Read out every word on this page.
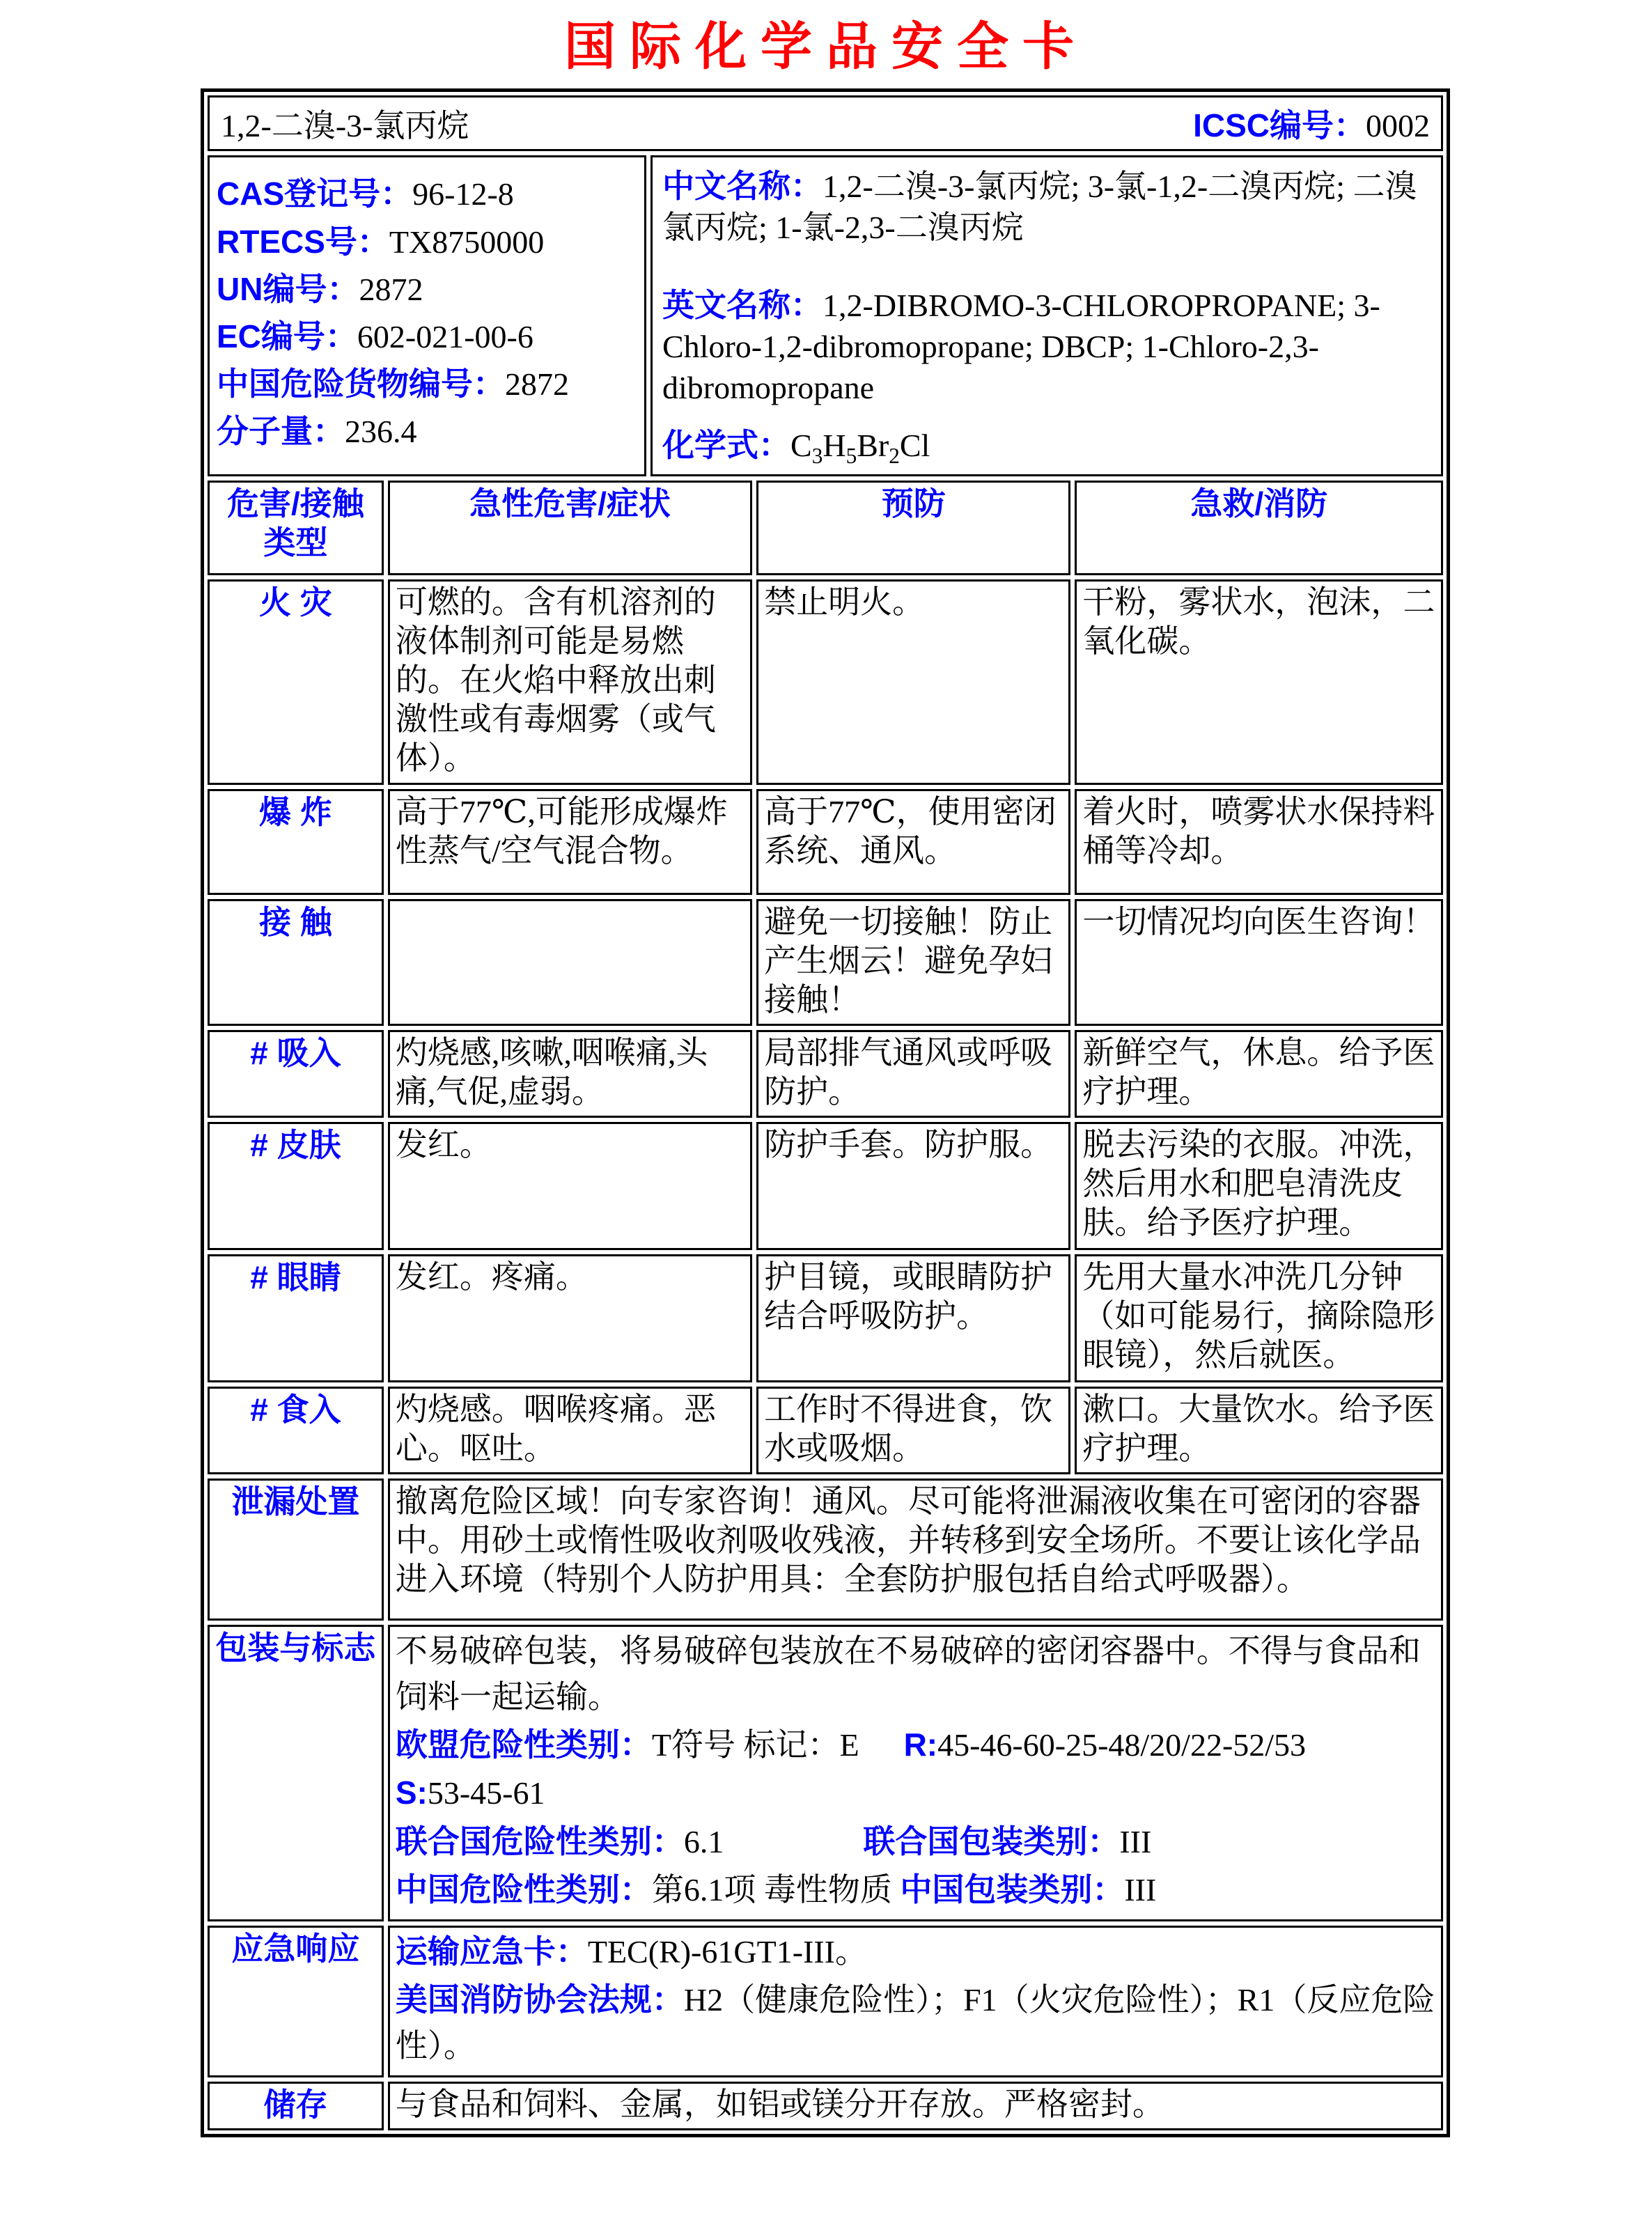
国际化学品安全卡
1,2-二溴-3-氯丙烷	ICSC编号：0002
CAS登记号：96-12-8
RTECS号：TX8750000
UN编号：2872
EC编号：602-021-00-6
中国危险货物编号：2872
分子量：236.4

中文名称：1,2-二溴-3-氯丙烷; 3-氯-1,2-二溴丙烷; 二溴氯丙烷; 1-氯-2,3-二溴丙烷

英文名称：1,2-DIBROMO-3-CHLOROPROPANE; 3-Chloro-1,2-dibromopropane; DBCP; 1-Chloro-2,3-dibromopropane

化学式：$C_3H_5Br_2Cl$

危害/接触
类型	急性危害/症状	预防	急救/消防
火 灾	可燃的。含有机溶剂的液体制剂可能是易燃的。在火焰中释放出刺激性或有毒烟雾（或气体）。	禁止明火。	干粉，雾状水，泡沫，二氧化碳。
爆 炸	高于77℃,可能形成爆炸性蒸气/空气混合物。	高于77℃，使用密闭系统、通风。	着火时，喷雾状水保持料桶等冷却。
接 触		避免一切接触！防止产生烟云！避免孕妇接触！	一切情况均向医生咨询！
# 吸入	灼烧感,咳嗽,咽喉痛,头痛,气促,虚弱。	局部排气通风或呼吸防护。	新鲜空气，休息。给予医疗护理。
# 皮肤	发红。	防护手套。防护服。	脱去污染的衣服。冲洗，然后用水和肥皂清洗皮肤。给予医疗护理。
# 眼睛	发红。疼痛。	护目镜，或眼睛防护结合呼吸防护。	先用大量水冲洗几分钟（如可能易行，摘除隐形眼镜），然后就医。
# 食入	灼烧感。咽喉疼痛。恶心。呕吐。	工作时不得进食，饮水或吸烟。	漱口。大量饮水。给予医疗护理。
泄漏处置	撤离危险区域！向专家咨询！通风。尽可能将泄漏液收集在可密闭的容器中。用砂土或惰性吸收剂吸收残液，并转移到安全场所。不要让该化学品进入环境（特别个人防护用具：全套防护服包括自给式呼吸器）。		
包装与标志	不易破碎包装，将易破碎包装放在不易破碎的密闭容器中。不得与食品和饲料一起运输。
欧盟危险性类别：T符号 标记：E R:45-46-60-25-48/20/22-52/53
S:53-45-61
联合国危险性类别：6.1 联合国包装类别：III
中国危险性类别：第6.1项 毒性物质 中国包装类别：III		

应急响应	运输应急卡：TEC(R)-61GT1-III。
美国消防协会法规：H2（健康危险性）；F1（火灾危险性）；R1（反应危险性）。		

储存	与食品和饲料、金属，如铝或镁分开存放。严格密封。		
